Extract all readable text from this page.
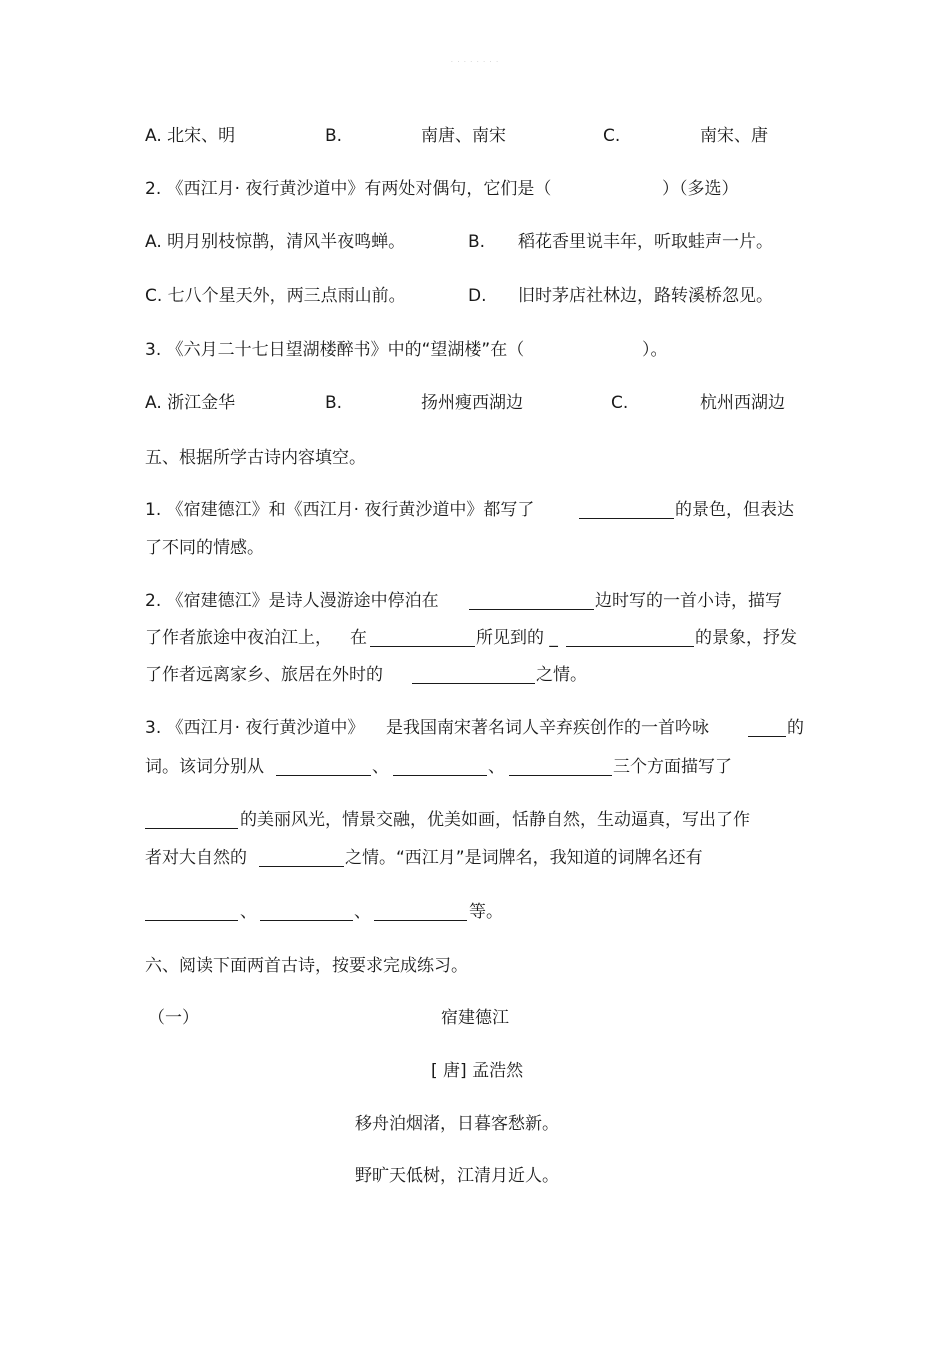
· · · · · · · ·
A. 北宋、明	B.	南唐、南宋	C.	南宋、唐
2. 《西江月· 夜行黄沙道中》有两处对偶句，它们是（	）（多选）
A. 明月别枝惊鹊，清风半夜鸣蝉。	B. 稻花香里说丰年，听取蛙声一片。
C. 七八个星天外，两三点雨山前。	D. 旧时茅店社林边，路转溪桥忽见。
3. 《六月二十七日望湖楼醉书》中的“望湖楼”在（	）。
A. 浙江金华	B.	扬州瘦西湖边	C.	杭州西湖边
五、根据所学古诗内容填空。
1. 《宿建德江》和《西江月· 夜行黄沙道中》都写了	的景色，但表达
了不同的情感。
2. 《宿建德江》是诗人漫游途中停泊在	边时写的一首小诗，描写
了作者旅途中夜泊江上， 在	所见到的 _	的景象，抒发
了作者远离家乡、旅居在外时的	之情。
3. 《西江月· 夜行黄沙道中》 是我国南宋著名词人辛弃疾创作的一首吟咏	的
词。该词分别从	、	、	三个方面描写了
的美丽风光，情景交融，优美如画，恬静自然，生动逼真，写出了作
者对大自然的	之情。“西江月”是词牌名，我知道的词牌名还有
、	、	等。
六、阅读下面两首古诗，按要求完成练习。
（一）	宿建德江
[ 唐] 孟浩然
移舟泊烟渚，日暮客愁新。
野旷天低树，江清月近人。
